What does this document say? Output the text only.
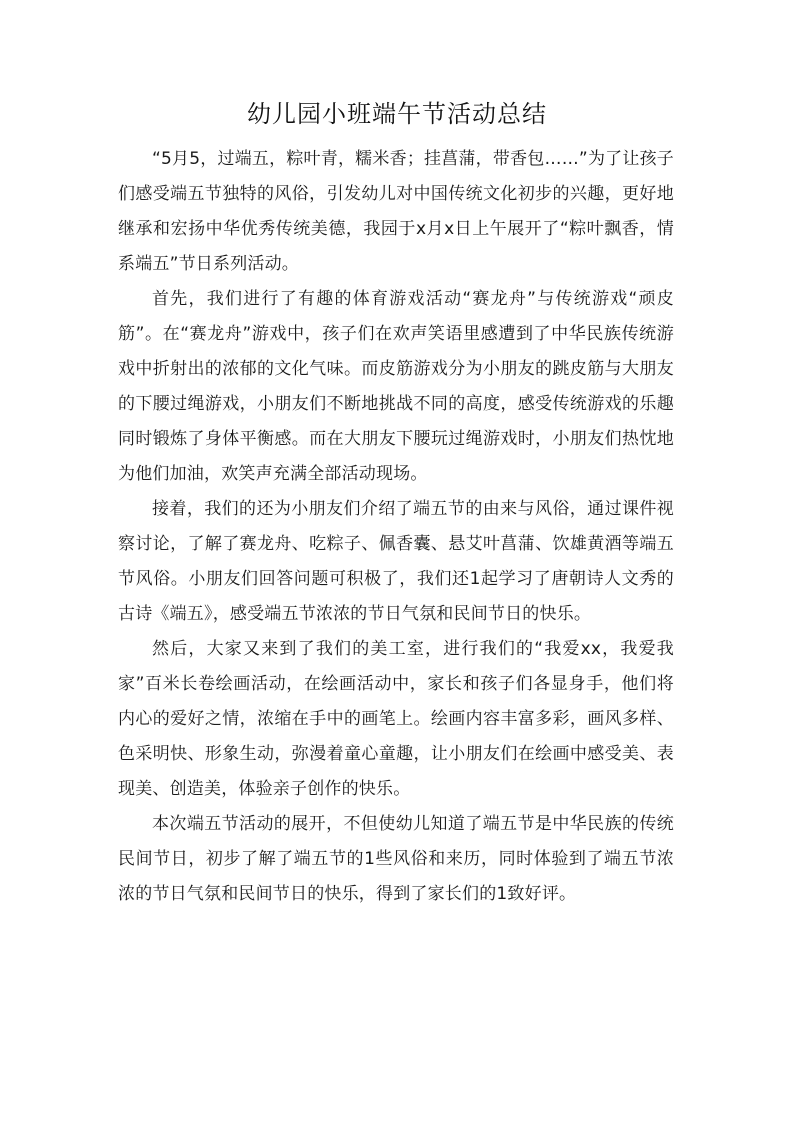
幼儿园小班端午节活动总结

“5月5，过端五，粽叶青，糯米香；挂菖蒲，带香包……”为了让孩子们感受端五节独特的风俗，引发幼儿对中国传统文化初步的兴趣，更好地继承和宏扬中华优秀传统美德，我园于x月x日上午展开了“粽叶飘香，情系端五”节日系列活动。

首先，我们进行了有趣的体育游戏活动“赛龙舟”与传统游戏“顽皮筋”。在“赛龙舟”游戏中，孩子们在欢声笑语里感遭到了中华民族传统游戏中折射出的浓郁的文化气味。而皮筋游戏分为小朋友的跳皮筋与大朋友的下腰过绳游戏，小朋友们不断地挑战不同的高度，感受传统游戏的乐趣同时锻炼了身体平衡感。而在大朋友下腰玩过绳游戏时，小朋友们热忱地为他们加油，欢笑声充满全部活动现场。

接着，我们的还为小朋友们介绍了端五节的由来与风俗，通过课件视察讨论，了解了赛龙舟、吃粽子、佩香囊、悬艾叶菖蒲、饮雄黄酒等端五节风俗。小朋友们回答问题可积极了，我们还1起学习了唐朝诗人文秀的古诗《端五》，感受端五节浓浓的节日气氛和民间节日的快乐。

然后，大家又来到了我们的美工室，进行我们的“我爱xx，我爱我家”百米长卷绘画活动，在绘画活动中，家长和孩子们各显身手，他们将内心的爱好之情，浓缩在手中的画笔上。绘画内容丰富多彩，画风多样、色采明快、形象生动，弥漫着童心童趣，让小朋友们在绘画中感受美、表现美、创造美，体验亲子创作的快乐。

本次端五节活动的展开，不但使幼儿知道了端五节是中华民族的传统民间节日，初步了解了端五节的1些风俗和来历，同时体验到了端五节浓浓的节日气氛和民间节日的快乐，得到了家长们的1致好评。
